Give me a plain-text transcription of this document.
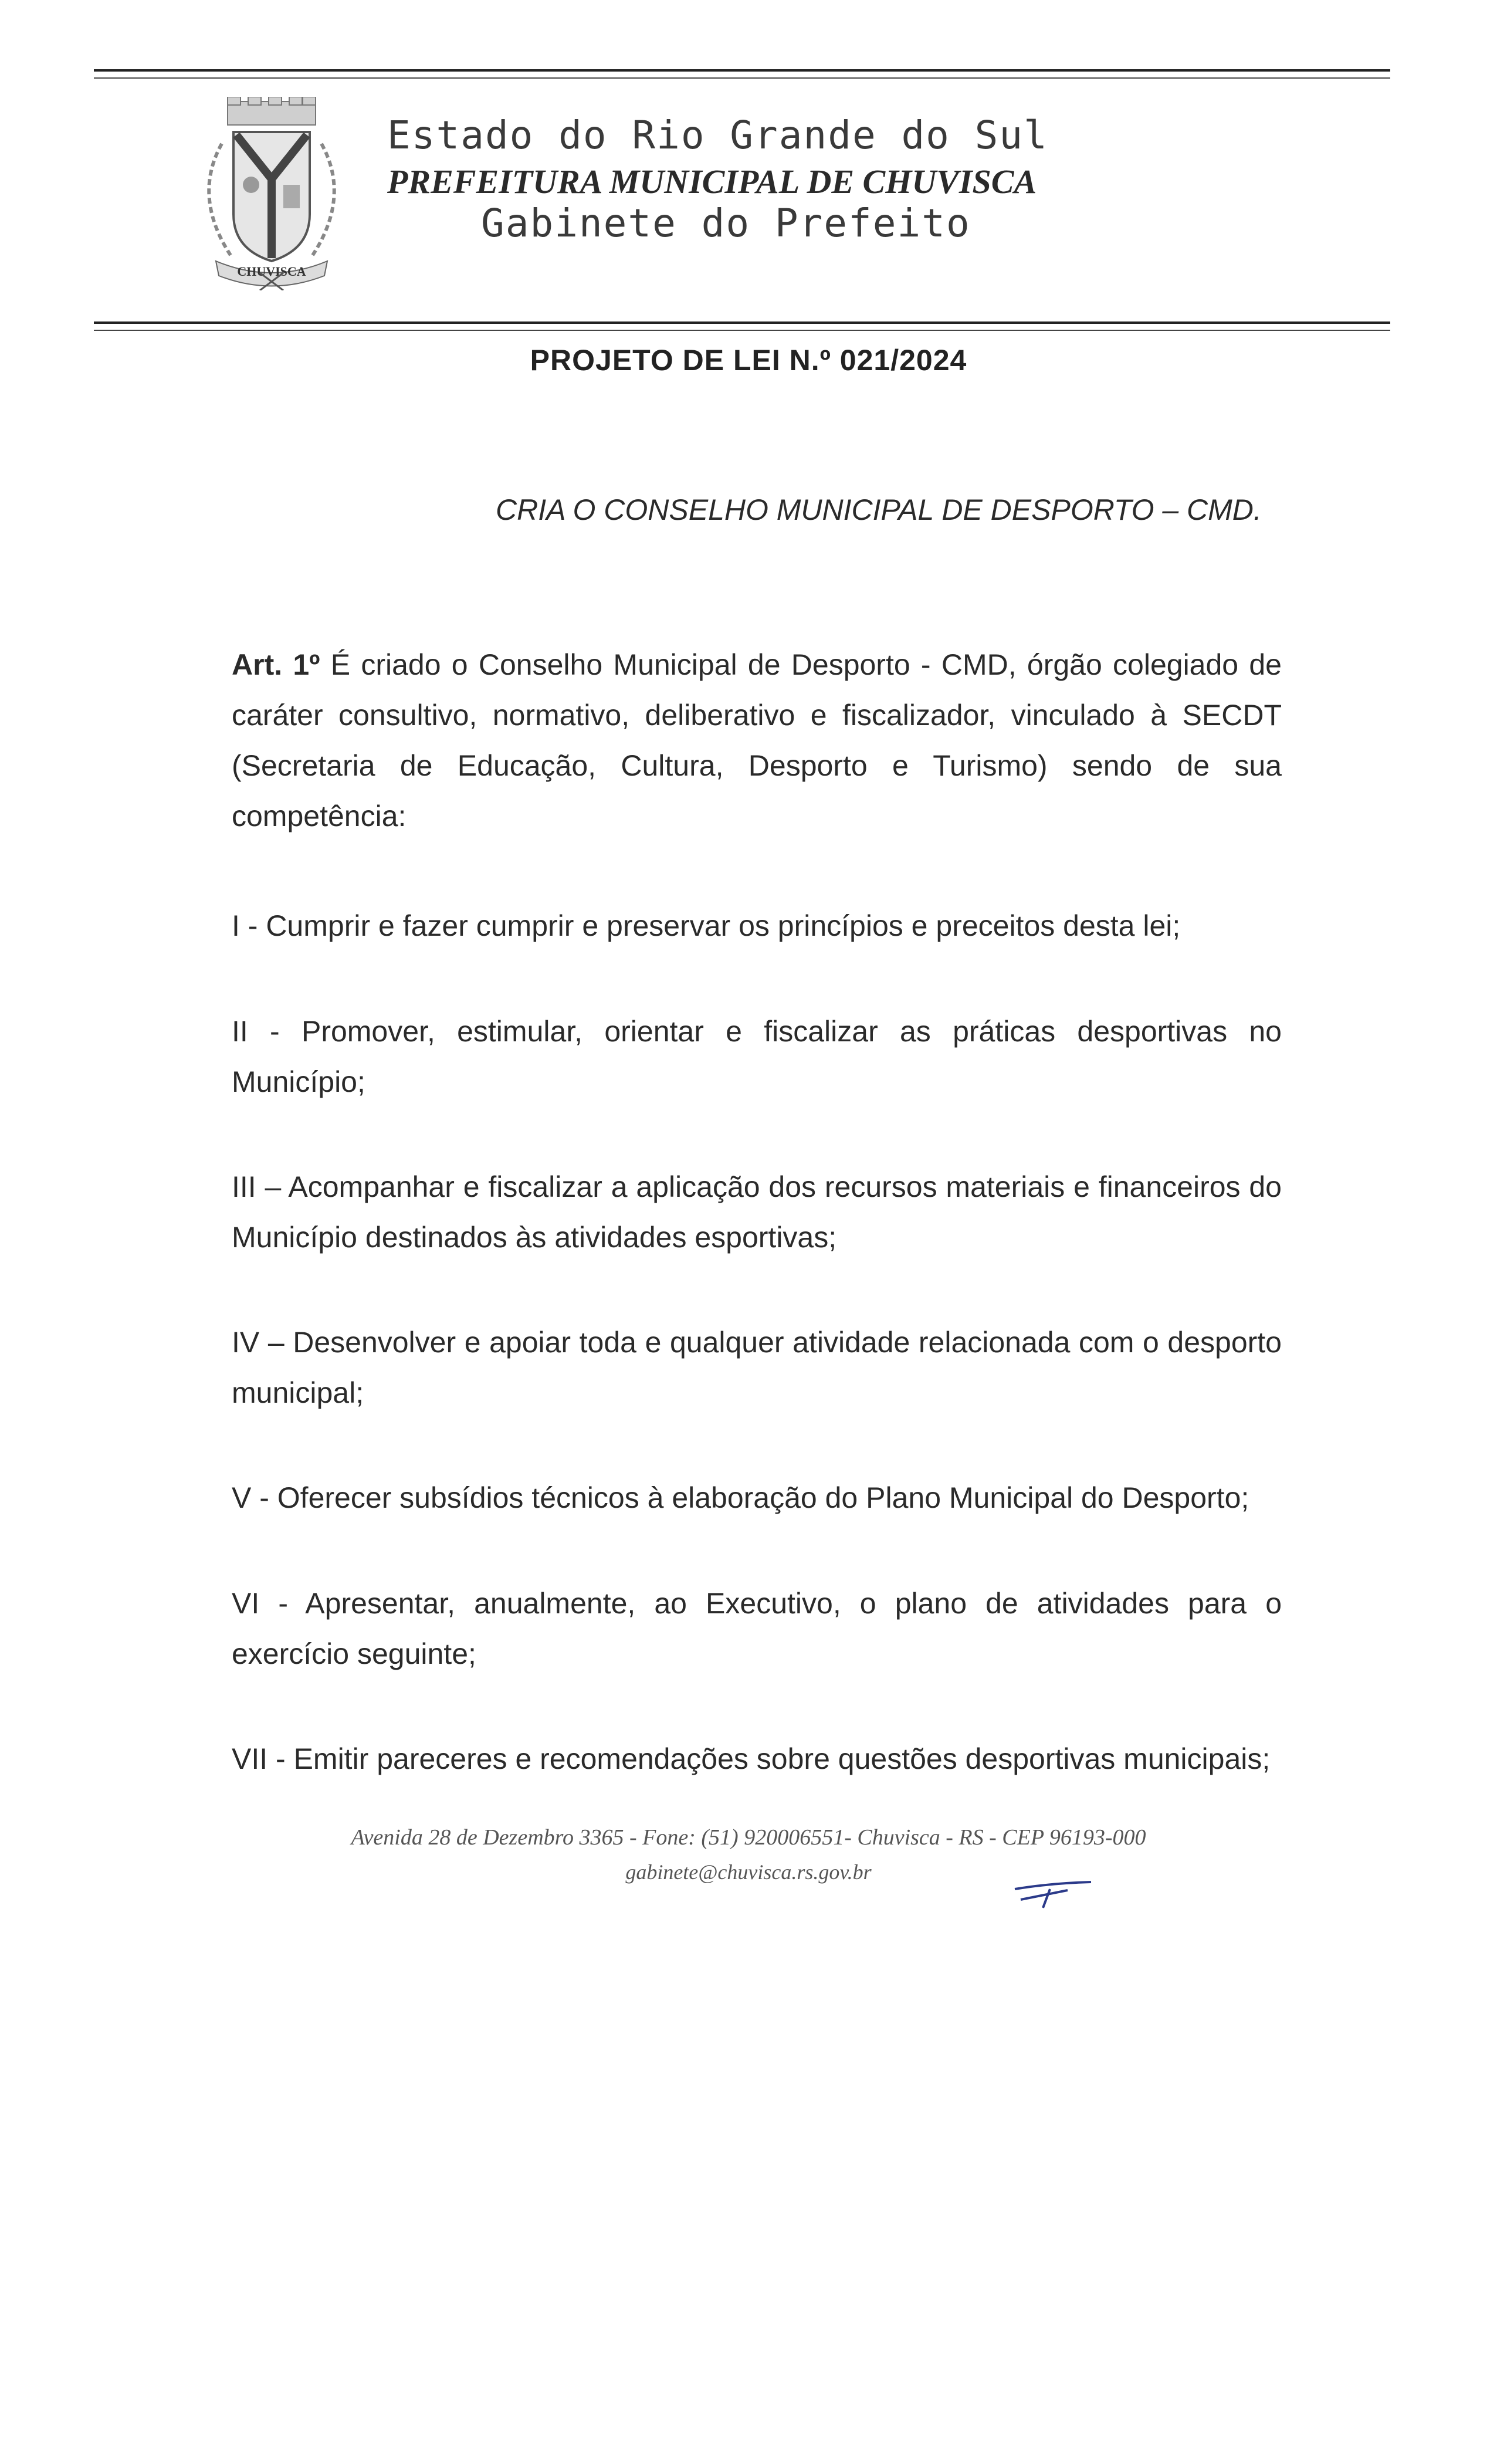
CHUVISCA
Estado do Rio Grande do Sul
PREFEITURA MUNICIPAL DE CHUVISCA
Gabinete do Prefeito
PROJETO DE LEI N.º 021/2024
CRIA O CONSELHO MUNICIPAL DE DESPORTO – CMD.
Art. 1º É criado o Conselho Municipal de Desporto - CMD, órgão colegiado de caráter consultivo, normativo, deliberativo e fiscalizador, vinculado à SECDT (Secretaria de Educação, Cultura, Desporto e Turismo) sendo de sua competência:
I - Cumprir e fazer cumprir e preservar os princípios e preceitos desta lei;
II - Promover, estimular, orientar e fiscalizar as práticas desportivas no Município;
III – Acompanhar e fiscalizar a aplicação dos recursos materiais e financeiros do Município destinados às atividades esportivas;
IV – Desenvolver e apoiar toda e qualquer atividade relacionada com o desporto municipal;
V - Oferecer subsídios técnicos à elaboração do Plano Municipal do Desporto;
VI - Apresentar, anualmente, ao Executivo, o plano de atividades para o exercício seguinte;
VII - Emitir pareceres e recomendações sobre questões desportivas municipais;
Avenida 28 de Dezembro 3365 - Fone: (51) 920006551- Chuvisca - RS - CEP 96193-000
gabinete@chuvisca.rs.gov.br
